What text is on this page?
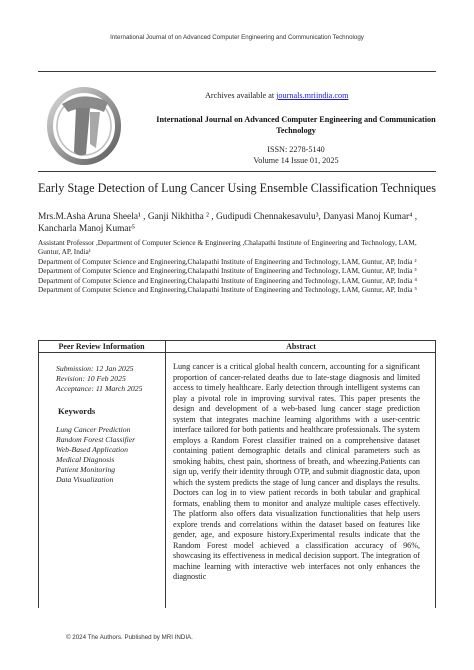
International Journal of on Advanced Computer Engineering and Communication Technology
Archives available at journals.mriindia.com
International Journal on Advanced Computer Engineering and Communication Technology
ISSN: 2278-5140
Volume 14 Issue 01, 2025
Early Stage Detection of Lung Cancer Using Ensemble Classification Techniques
Mrs.M.Asha Aruna Sheela¹ , Ganji Nikhitha ² , Gudipudi Chennakesavulu³, Danyasi Manoj Kumar⁴ , Kancharla Manoj Kumar⁵

Assistant Professor ,Department of Computer Science & Engineering ,Chalapathi Institute of Engineering and Technology, LAM, Guntur, AP, India¹

Department of Computer Science and Engineering,Chalapathi Institute of Engineering and Technology, LAM, Guntur, AP, India ²

Department of Computer Science and Engineering,Chalapathi Institute of Engineering and Technology, LAM, Guntur, AP, India ³

Department of Computer Science and Engineering,Chalapathi Institute of Engineering and Technology, LAM, Guntur, AP, India ⁴

Department of Computer Science and Engineering,Chalapathi Institute of Engineering and Technology, LAM, Guntur, AP, India ⁵

Peer Review Information	Abstract
Submission: 12 Jan 2025
Revision: 10 Feb 2025
Acceptance: 11 March 2025
Keywords
Lung Cancer Prediction
Random Forest Classifier
Web-Based Application
Medical Diagnosis
Patient Monitoring
Data Visualization
Lung cancer is a critical global health concern, accounting for a significant proportion of cancer-related deaths due to late-stage diagnosis and limited access to timely healthcare. Early detection through intelligent systems can play a pivotal role in improving survival rates. This paper presents the design and development of a web-based lung cancer stage prediction system that integrates machine learning algorithms with a user-centric interface tailored for both patients and healthcare professionals. The system employs a Random Forest classifier trained on a comprehensive dataset containing patient demographic details and clinical parameters such as smoking habits, chest pain, shortness of breath, and wheezing.Patients can sign up, verify their identity through OTP, and submit diagnostic data, upon which the system predicts the stage of lung cancer and displays the results. Doctors can log in to view patient records in both tabular and graphical formats, enabling them to monitor and analyze multiple cases effectively. The platform also offers data visualization functionalities that help users explore trends and correlations within the dataset based on features like gender, age, and exposure history.Experimental results indicate that the Random Forest model achieved a classification accuracy of 96%, showcasing its effectiveness in medical decision support. The integration of machine learning with interactive web interfaces not only enhances the diagnostic
© 2024 The Authors. Published by MRI INDIA.
